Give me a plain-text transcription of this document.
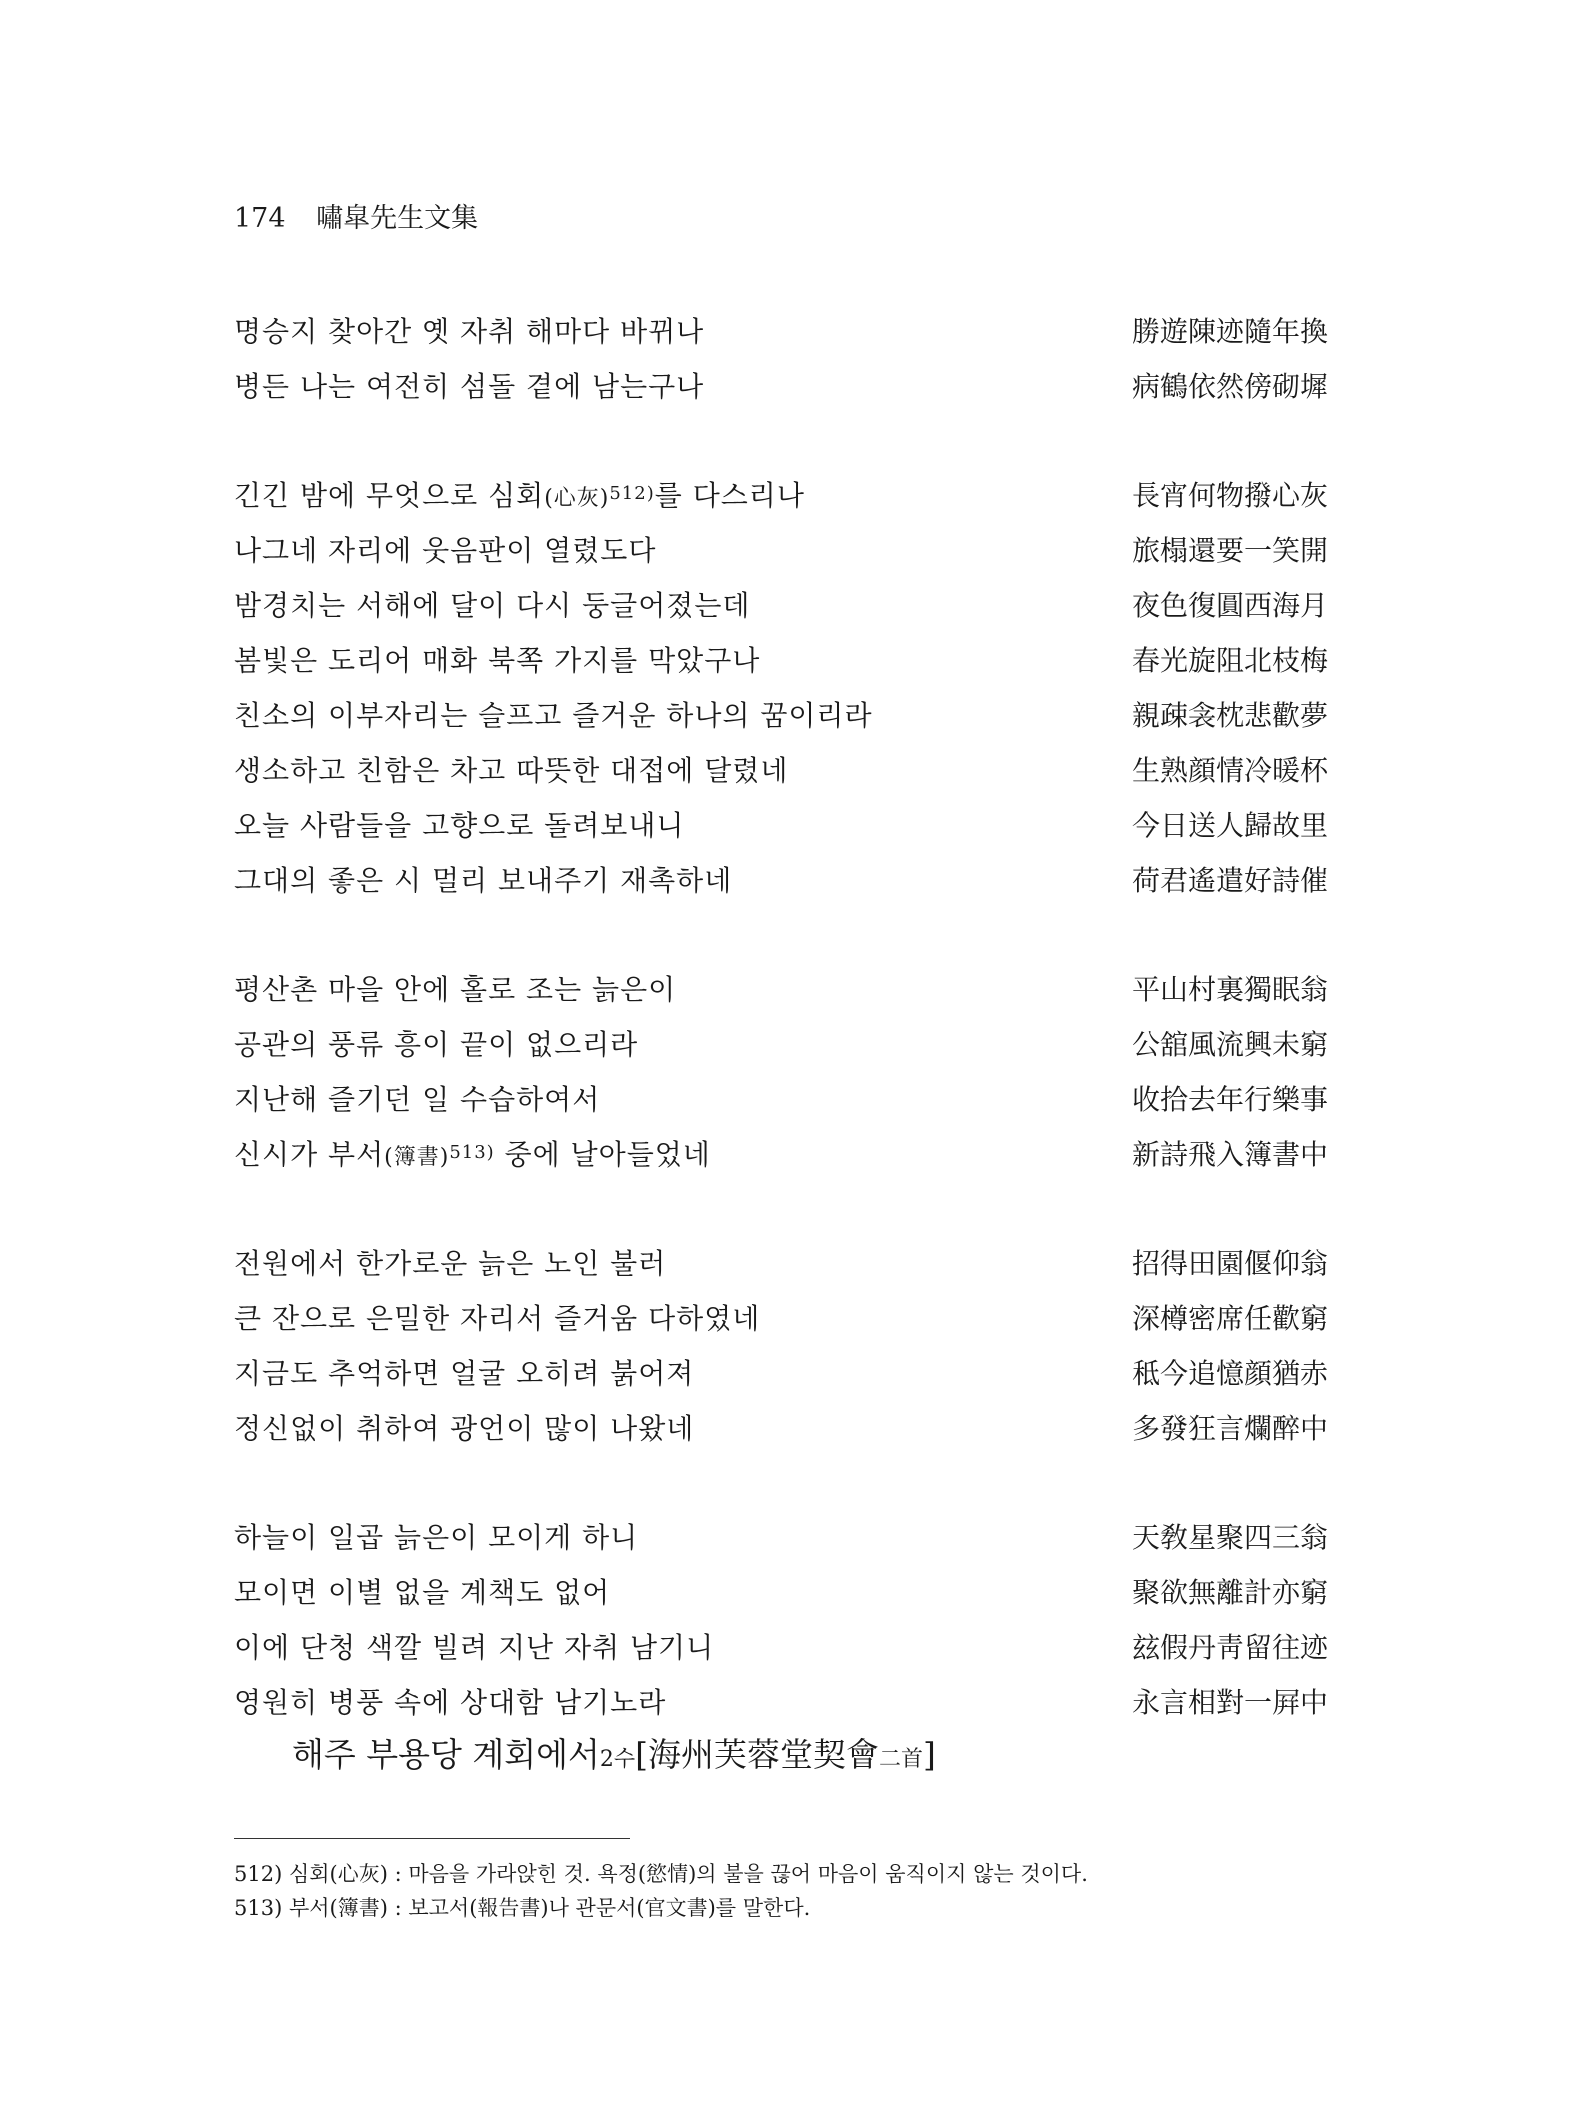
174 嘯皐先生文集
명승지 찾아간 옛 자취 해마다 바뀌나	勝遊陳迹隨年換
병든 나는 여전히 섬돌 곁에 남는구나	病鶴依然傍砌墀
긴긴 밤에 무엇으로 심회(心灰)$^{512)}$를 다스리나	長宵何物撥心灰
나그네 자리에 웃음판이 열렸도다	旅榻還要一笑開
밤경치는 서해에 달이 다시 둥글어졌는데	夜色復圓西海月
봄빛은 도리어 매화 북쪽 가지를 막았구나	春光旋阻北枝梅
친소의 이부자리는 슬프고 즐거운 하나의 꿈이리라	親疎衾枕悲歡夢
생소하고 친함은 차고 따뜻한 대접에 달렸네	生熟顔情冷暖杯
오늘 사람들을 고향으로 돌려보내니	今日送人歸故里
그대의 좋은 시 멀리 보내주기 재촉하네	荷君遙遣好詩催
평산촌 마을 안에 홀로 조는 늙은이	平山村裏獨眠翁
공관의 풍류 흥이 끝이 없으리라	公舘風流興未窮
지난해 즐기던 일 수습하여서	收拾去年行樂事
신시가 부서(簿書)$^{513)}$ 중에 날아들었네	新詩飛入簿書中
전원에서 한가로운 늙은 노인 불러	招得田園偃仰翁
큰 잔으로 은밀한 자리서 즐거움 다하였네	深樽密席任歡窮
지금도 추억하면 얼굴 오히려 붉어져	秪今追憶顔猶赤
정신없이 취하여 광언이 많이 나왔네	多發狂言爛醉中
하늘이 일곱 늙은이 모이게 하니	天敎星聚四三翁
모이면 이별 없을 계책도 없어	聚欲無離計亦窮
이에 단청 색깔 빌려 지난 자취 남기니	玆假丹靑留往迹
영원히 병풍 속에 상대함 남기노라	永言相對一屛中
해주 부용당 계회에서2수[海州芙蓉堂契會二首]
512) 심회(心灰) : 마음을 가라앉힌 것. 욕정(慾情)의 불을 끊어 마음이 움직이지 않는 것이다.
513) 부서(簿書) : 보고서(報告書)나 관문서(官文書)를 말한다.
